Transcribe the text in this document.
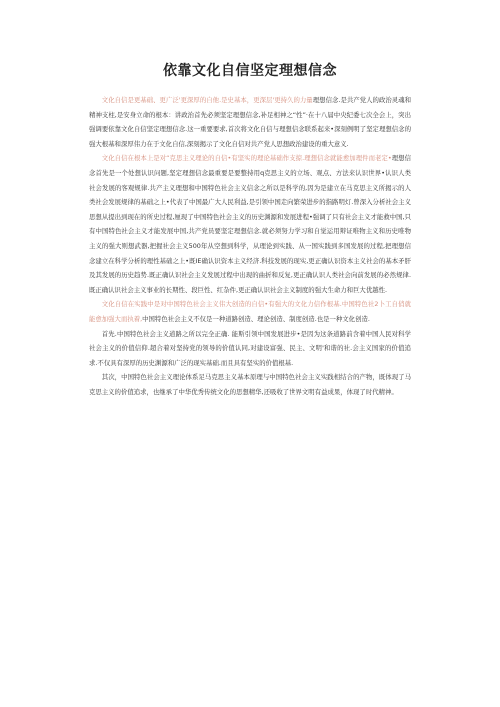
依靠文化自信坚定理想信念

文化自信是更基础、更广泛'更深厚的自他.是史基本，更深层'更持久的力量理想信念.是共产党人的政治灵魂和精神支柱,是安身立命的根本：讲政治首先必须坚定理想信念,补足相神之“性”·在十八届中央纪委七次全会上，突出强调要依靠文化自信坚定理想信念.这一重要要求,首次将文化自信与理想信念联系起来•深刻例明了坚定理想信念的强大根基和深厚伟力在于文化自信,深刻揭示了文化自信对共产党人思想政治建设的重大意义.

文化自信在根本上是对“克思主义理论的自信•有坚实的理论基础作支掠.理想信念就能愈加理件而老定•理想信念首先是一个处想认识问题,坚定理想信念最重要是要整持用q克思主义的立场、观点、方法来认识世界•认识人类社会发展的客观规律.共产主义理想和中国特色社会主义信念之所以是科学的,因为是建立在马克思主义所揭示的人类社会发展规律的基础之上•代表了中国最广大人民利益,是引领中国走向繁荣进步的指路明灯.曾深入分析社会主义思想从提出到现在的所史过程,厘现了中国特色社会主义的历史渊源和发展进程•强调了只有社会主义才能救中国,只有中国特色社会主义才能发展中国,共产党员要坚定理想信念.就必须努力学习和自觉运用辩证唯物主义和历史唯物主义的强大则想武器,把握社会主义500年从空想到科学，从理论到实践、从一国实践到多国发展的过程,把理想信念建立在科学分析的理性基础之上•既IE确认识资本主义经济.科技发展的现实,更正确认识资本主义社会的基本矛肝及其发展的历史趋势.既正确认识社会主义发展过程中出现的曲折和反复,更正确认识人类社会向前发展的必然规律.既正确认识社会主义事业的长期性、段巨性、红杂件,更正确认识社会主义制度的强大生命力和巨大优越性.

文化自信在实践中是对中国特色社会主义伟大创造的自信•有强大的文化力信作根基.中国特色社2卜工自俏就能愈加强大而执着,中国特色社会主义不仅是一种道路创造、理论创造、制度创造.也是一种文化创造.

首先.中国特色社会主义道路之所以完全正确. 能斯引领中国发展进步•是因为这条道路前含着中国人民对科学社会主义的价值信仰.超合着对坚持党的领导的价值认同,对建设富强、民主、文明'和谐的社.会主义国家的价值追求.不仅具有深厚的历史渊源和广泛的现实基础.而且具有坚实的价值根基.

其次，中国特色社会主义理论体系足马克思主义基本原理与中国特色社会主义实践相结合的产物，既体现了马克思主义的价值追求，也继承了中华优秀传统文化的思想精华,还吸收了世界文明有益成果，体现了时代精神。
